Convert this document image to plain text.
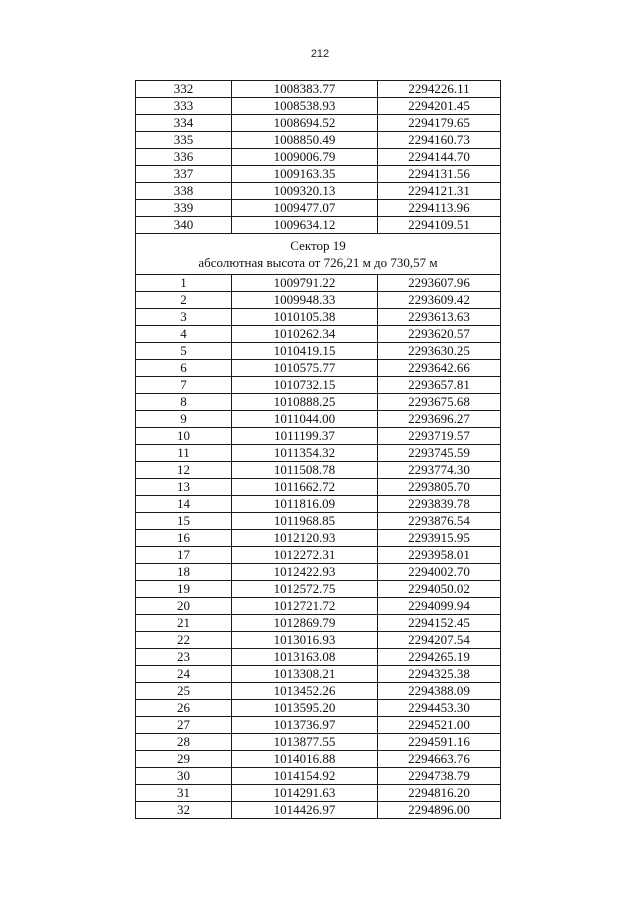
212
332	1008383.77	2294226.11
333	1008538.93	2294201.45
334	1008694.52	2294179.65
335	1008850.49	2294160.73
336	1009006.79	2294144.70
337	1009163.35	2294131.56
338	1009320.13	2294121.31
339	1009477.07	2294113.96
340	1009634.12	2294109.51

Сектор 19
абсолютная высота от 726,21 м до 730,57 м		

1	1009791.22	2293607.96
2	1009948.33	2293609.42
3	1010105.38	2293613.63
4	1010262.34	2293620.57
5	1010419.15	2293630.25
6	1010575.77	2293642.66
7	1010732.15	2293657.81
8	1010888.25	2293675.68
9	1011044.00	2293696.27
10	1011199.37	2293719.57
11	1011354.32	2293745.59
12	1011508.78	2293774.30
13	1011662.72	2293805.70
14	1011816.09	2293839.78
15	1011968.85	2293876.54
16	1012120.93	2293915.95
17	1012272.31	2293958.01
18	1012422.93	2294002.70
19	1012572.75	2294050.02
20	1012721.72	2294099.94
21	1012869.79	2294152.45
22	1013016.93	2294207.54
23	1013163.08	2294265.19
24	1013308.21	2294325.38
25	1013452.26	2294388.09
26	1013595.20	2294453.30
27	1013736.97	2294521.00
28	1013877.55	2294591.16
29	1014016.88	2294663.76
30	1014154.92	2294738.79
31	1014291.63	2294816.20
32	1014426.97	2294896.00
